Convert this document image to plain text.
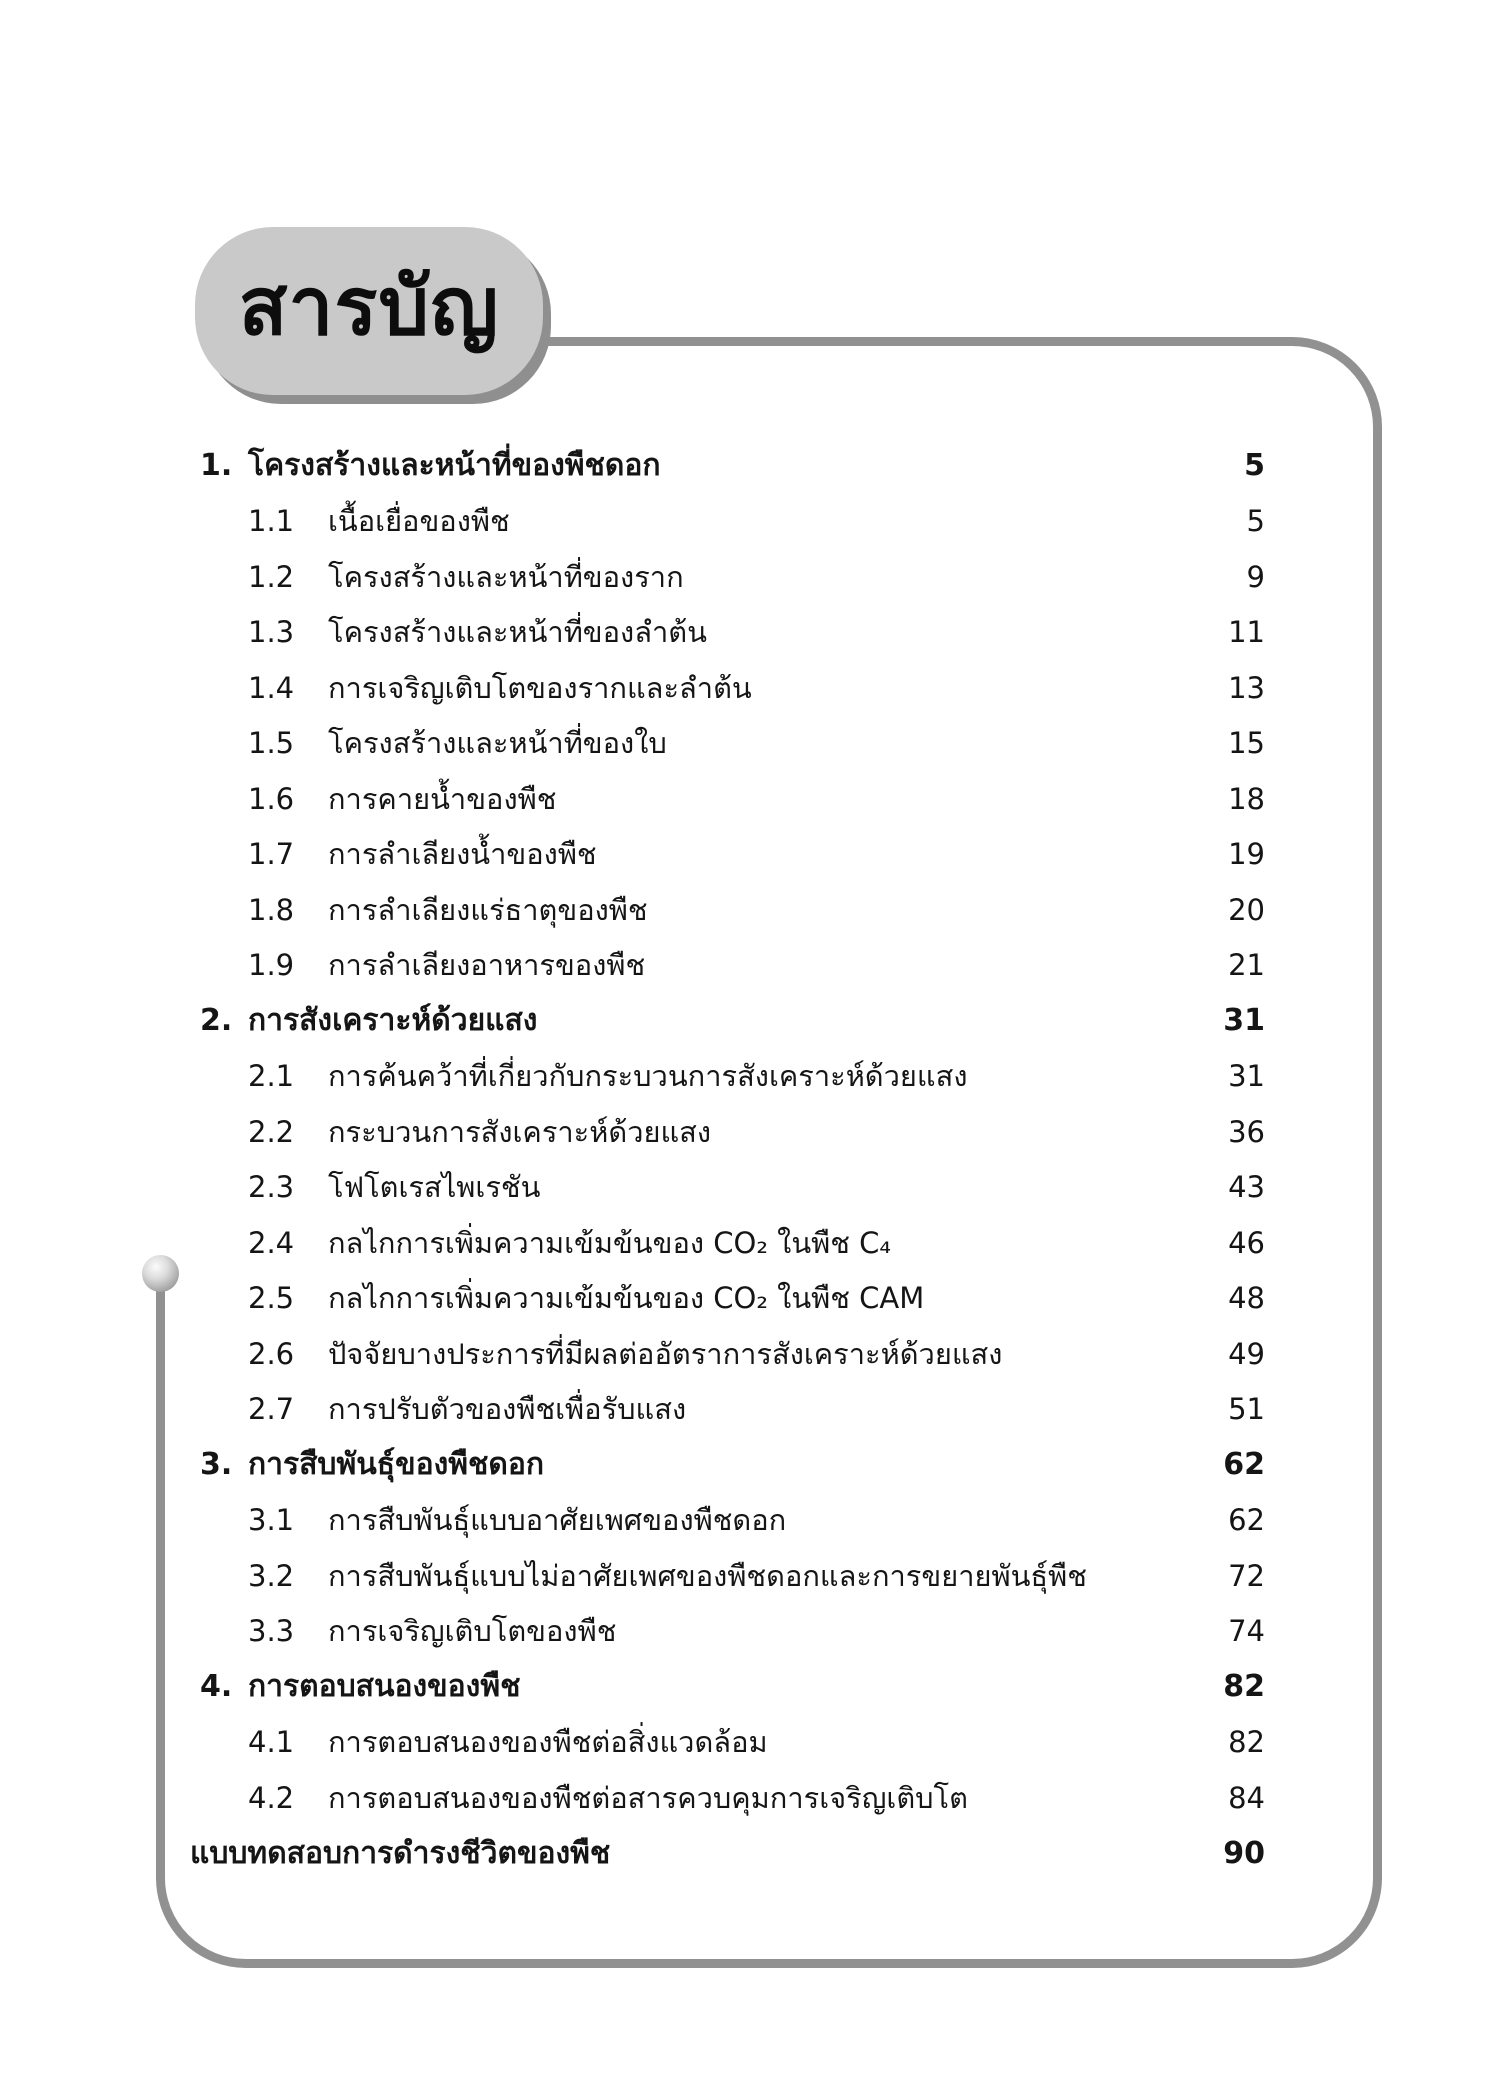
สารบัญ
1. โครงสร้างและหน้าที่ของพืชดอก	5
1.1	เนื้อเยื่อของพืช	5
1.2	โครงสร้างและหน้าที่ของราก	9
1.3	โครงสร้างและหน้าที่ของลำต้น	11
1.4	การเจริญเติบโตของรากและลำต้น	13
1.5	โครงสร้างและหน้าที่ของใบ	15
1.6	การคายน้ำของพืช	18
1.7	การลำเลียงน้ำของพืช	19
1.8	การลำเลียงแร่ธาตุของพืช	20
1.9	การลำเลียงอาหารของพืช	21
2. การสังเคราะห์ด้วยแสง	31
2.1	การค้นคว้าที่เกี่ยวกับกระบวนการสังเคราะห์ด้วยแสง	31
2.2	กระบวนการสังเคราะห์ด้วยแสง	36
2.3	โฟโตเรสไพเรชัน	43
2.4	กลไกการเพิ่มความเข้มข้นของ CO₂ ในพืช C₄	46
2.5	กลไกการเพิ่มความเข้มข้นของ CO₂ ในพืช CAM	48
2.6	ปัจจัยบางประการที่มีผลต่ออัตราการสังเคราะห์ด้วยแสง	49
2.7	การปรับตัวของพืชเพื่อรับแสง	51
3. การสืบพันธุ์ของพืชดอก	62
3.1	การสืบพันธุ์แบบอาศัยเพศของพืชดอก	62
3.2	การสืบพันธุ์แบบไม่อาศัยเพศของพืชดอกและการขยายพันธุ์พืช	72
3.3	การเจริญเติบโตของพืช	74
4. การตอบสนองของพืช	82
4.1	การตอบสนองของพืชต่อสิ่งแวดล้อม	82
4.2	การตอบสนองของพืชต่อสารควบคุมการเจริญเติบโต	84
แบบทดสอบการดำรงชีวิตของพืช	90
